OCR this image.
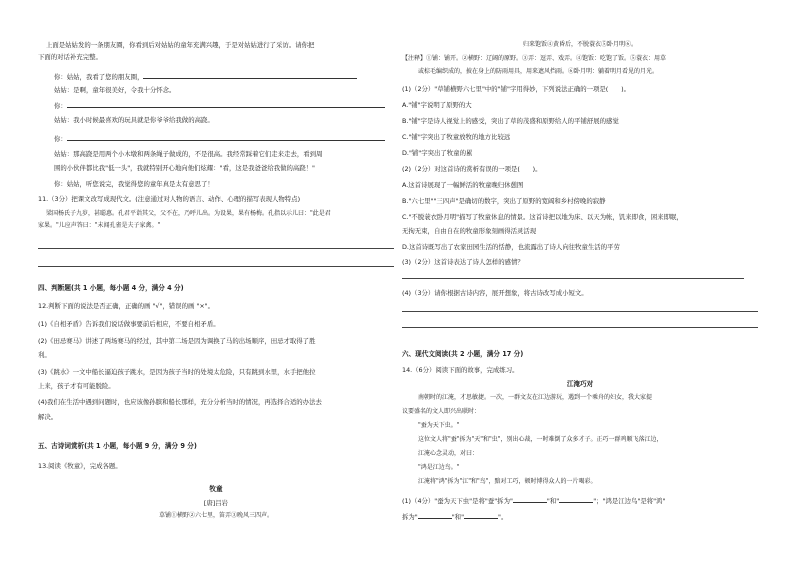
上面是姑姑发的一条朋友圈，你看到后对姑姑的童年充满兴趣，于是对姑姑进行了采访。请你把
下面的对话补充完整。
你：姑姑，我看了您的朋友圈，
姑姑：是啊，童年很美好，令我十分怀念。
你：
姑姑：我小时候最喜欢的玩具就是你爷爷给我做的高跷。
你：
姑姑：那高跷是用两个小木墩和两条绳子做成的，不是很高。我经常踩着它们走来走去，看到周
围的小伙伴都比我"低一头"，我就特别开心地向他们炫耀："看，这是我爸爸给我做的高跷！"
你：姑姑，听您说完，我觉得您的童年真是太有意思了！
11.（3分）把课文改写成现代文。(注意通过对人物的语言、动作、心理的描写表现人物特点)
梁国杨氏子九岁，甚聪惠。孔君平诣其父，父不在，乃呼儿出。为设果，果有杨梅。孔指以示儿曰："此是君
家果。"儿应声答曰："未闻孔雀是夫子家禽。"
四、判断题(共 1 小题，每小题 4 分，满分 4 分)
12.判断下面的说法是否正确，正确的画 "√"，错误的画 "×"。
(1)《自相矛盾》告诉我们说话做事要前后相应，不要自相矛盾。
(2)《田忌赛马》讲述了两场赛马的经过，其中第二场是因为调换了马的出场顺序，田忌才取得了胜
利。
(3)《跳水》一文中船长逼迫孩子跳水，是因为孩子当时的处境太危险，只有跳到水里，水手把他拉
上来，孩子才有可能脱险。
(4)我们在生活中遇到问题时，也应该像孙膑和船长那样，充分分析当时的情况，再选择合适的办法去
解决。
五、古诗词赏析(共 1 小题，每小题 9 分，满分 9 分)
13.阅读《牧童》，完成各题。
牧童
[唐]吕岩
草铺①横野②六七里，笛弄③晚风三四声。
归来饱饭④黄昏后，不脱蓑衣⑤卧月明⑥。
【注释】①铺：铺开。②横野：辽阔的原野。③弄：逗弄、戏弄。④饱饭：吃饱了饭。⑤蓑衣：用草
或棕毛编织成的，披在身上的防雨用具，用来遮风挡雨。⑥卧月明：躺着明月看见的月光。
(1)（2分）"草铺横野六七里"中的"铺"字用得妙，下列说法正确的一项是(　　)。
A."铺"字说明了原野的大
B."铺"字是诗人视觉上的感受，突出了草的茂盛和原野给人的平铺舒展的感觉
C."铺"字突出了牧童放牧的地方比较远
D."铺"字突出了牧童的累
(2)（2分）对这首诗的赏析有误的一项是(　　)。
A.这首诗展现了一幅鲜活的牧童晚归休憩图
B."六七里""三四声"是确切的数字，突出了原野的宽阔和乡村傍晚的寂静
C."不脱蓑衣卧月明"描写了牧童休息的情景。这首诗把以地为床、以天为帐，饥来即食，困来即眠，
无拘无束，自由自在的牧童形象刻画得活灵活现
D.这首诗既写出了农家田园生活的恬静，也流露出了诗人向往牧童生活的平劳
(3)（2分）这首诗表达了诗人怎样的感情？
(4)（3分）请你根据古诗内容，展开想象，将古诗改写成小短文。
六、现代文阅读(共 2 小题，满分 17 分)
14.（6分）阅读下面的故事，完成练习。
江淹巧对
南朝时的江淹，才思敏捷。一次，一群文友在江边游玩，遇到一个乘舟的妇女，我大家提
议要盛名的文人即兴出联时：
"蚕为天下虫。"
这位文人将"蚕"拆为"天"和"虫"，别出心裁，一时难倒了众多才子。正巧一群鸡顺飞落江边，
江淹心念灵动，对曰：
"鸿是江边鸟。"
江淹将"鸿"拆为"江"和"鸟"，黯对工巧，顿时博得众人的一片喝彩。
(1)（4分）"蚕为天下虫"是将"蚕"拆为"	"和"	"；"鸿是江边鸟"是将"鸿"
拆为"	"和"	"。
